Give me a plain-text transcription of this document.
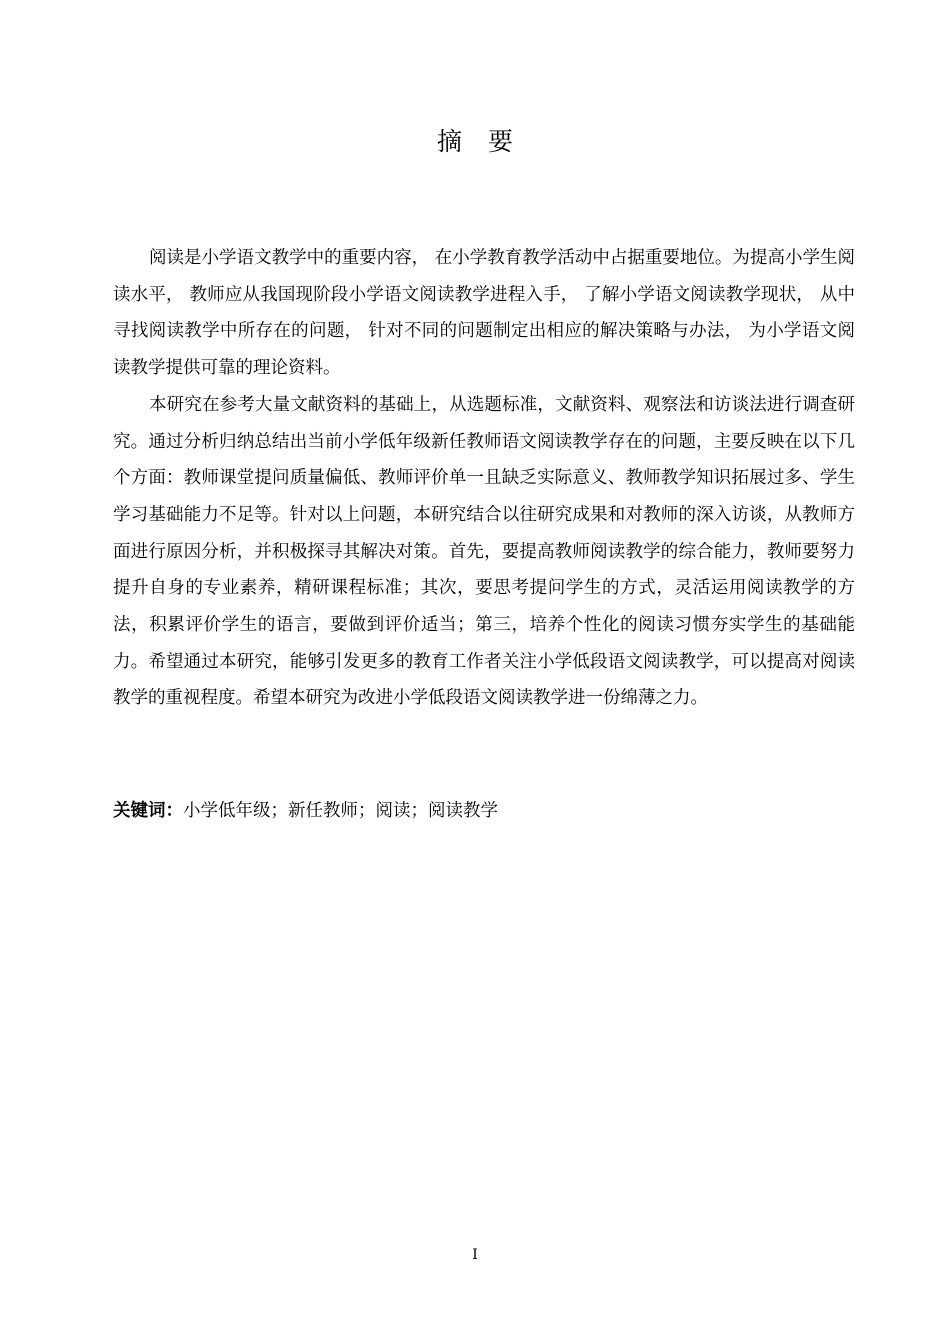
摘要

阅读是小学语文教学中的重要内容， 在小学教育教学活动中占据重要地位。为提高小学生阅读水平， 教师应从我国现阶段小学语文阅读教学进程入手， 了解小学语文阅读教学现状， 从中寻找阅读教学中所存在的问题， 针对不同的问题制定出相应的解决策略与办法， 为小学语文阅读教学提供可靠的理论资料。

本研究在参考大量文献资料的基础上，从选题标准，文献资料、观察法和访谈法进行调查研究。通过分析归纳总结出当前小学低年级新任教师语文阅读教学存在的问题，主要反映在以下几个方面：教师课堂提问质量偏低、教师评价单一且缺乏实际意义、教师教学知识拓展过多、学生学习基础能力不足等。针对以上问题，本研究结合以往研究成果和对教师的深入访谈，从教师方面进行原因分析，并积极探寻其解决对策。首先，要提高教师阅读教学的综合能力，教师要努力提升自身的专业素养，精研课程标准；其次，要思考提问学生的方式，灵活运用阅读教学的方法，积累评价学生的语言，要做到评价适当；第三，培养个性化的阅读习惯夯实学生的基础能力。希望通过本研究，能够引发更多的教育工作者关注小学低段语文阅读教学，可以提高对阅读教学的重视程度。希望本研究为改进小学低段语文阅读教学进一份绵薄之力。

关键词：小学低年级；新任教师；阅读；阅读教学

I
